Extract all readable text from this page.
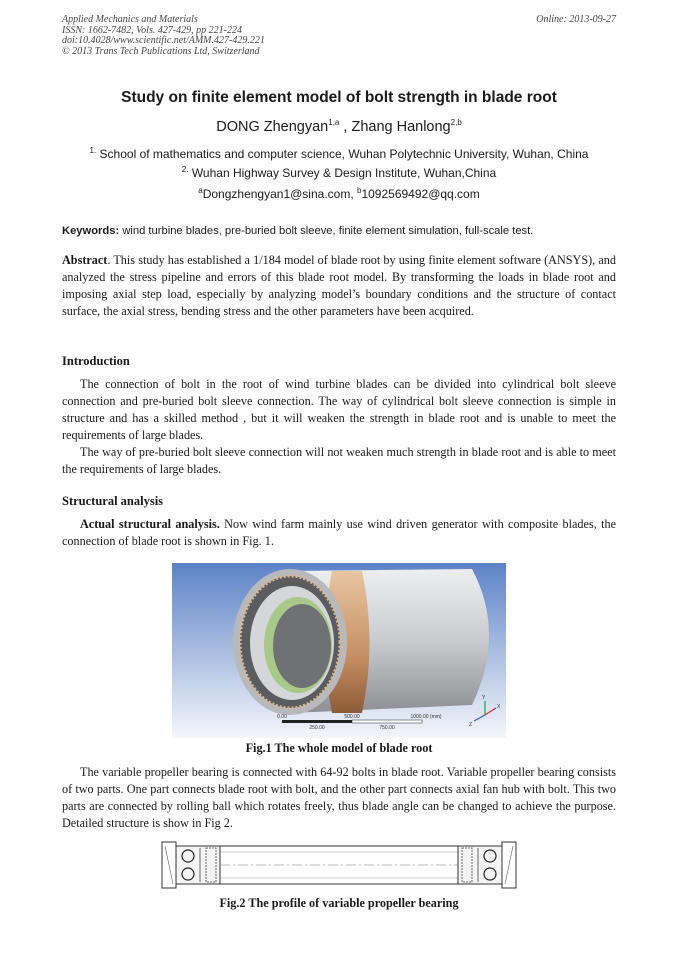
Applied Mechanics and Materials
ISSN: 1662-7482, Vols. 427-429, pp 221-224
doi:10.4028/www.scientific.net/AMM.427-429.221
© 2013 Trans Tech Publications Ltd, Switzerland
Online: 2013-09-27
Study on finite element model of bolt strength in blade root
DONG Zhengyan$^{1,a}$ , Zhang Hanlong$^{2,b}$
$^{1.}$ School of mathematics and computer science, Wuhan Polytechnic University, Wuhan, China
$^{2.}$ Wuhan Highway Survey & Design Institute, Wuhan,China
$^a$Dongzhengyan1@sina.com, $^b$1092569492@qq.com
Keywords: wind turbine blades, pre-buried bolt sleeve, finite element simulation, full-scale test.
Abstract. This study has established a 1/184 model of blade root by using finite element software (ANSYS), and analyzed the stress pipeline and errors of this blade root model. By transforming the loads in blade root and imposing axial step load, especially by analyzing model’s boundary conditions and the structure of contact surface, the axial stress, bending stress and the other parameters have been acquired.
Introduction
The connection of bolt in the root of wind turbine blades can be divided into cylindrical bolt sleeve connection and pre-buried bolt sleeve connection. The way of cylindrical bolt sleeve connection is simple in structure and has a skilled method , but it will weaken the strength in blade root and is unable to meet the requirements of large blades.
The way of pre-buried bolt sleeve connection will not weaken much strength in blade root and is able to meet the requirements of large blades.
Structural analysis
Actual structural analysis. Now wind farm mainly use wind driven generator with composite blades, the connection of blade root is shown in Fig. 1.
0.00	500.00	1000.00 (mm)
250.00	750.00
Y
Z
X
Fig.1 The whole model of blade root
The variable propeller bearing is connected with 64-92 bolts in blade root. Variable propeller bearing consists of two parts. One part connects blade root with bolt, and the other part connects axial fan hub with bolt. This two parts are connected by rolling ball which rotates freely, thus blade angle can be changed to achieve the purpose. Detailed structure is show in Fig 2.
Fig.2 The profile of variable propeller bearing
